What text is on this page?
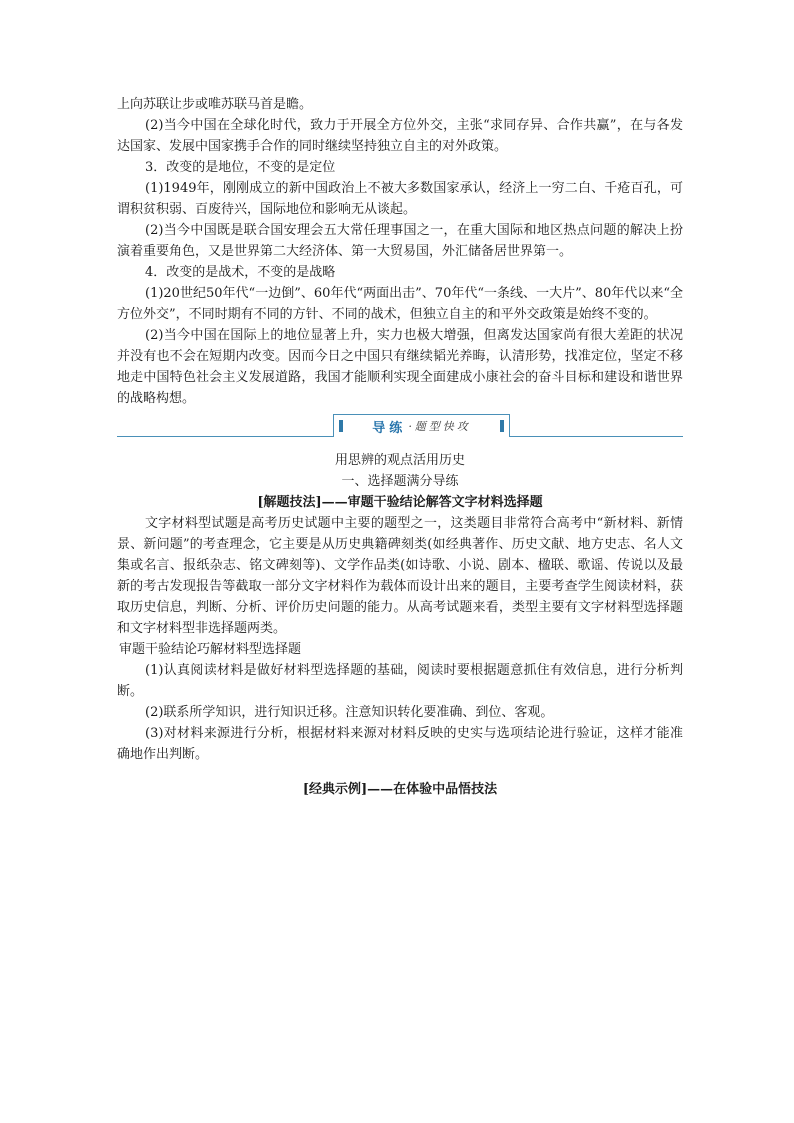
上向苏联让步或唯苏联马首是瞻。

(2)当今中国在全球化时代，致力于开展全方位外交，主张“求同存异、合作共赢”，在与各发达国家、发展中国家携手合作的同时继续坚持独立自主的对外政策。

3．改变的是地位，不变的是定位

(1)1949年，刚刚成立的新中国政治上不被大多数国家承认，经济上一穷二白、千疮百孔，可谓积贫积弱、百废待兴，国际地位和影响无从谈起。

(2)当今中国既是联合国安理会五大常任理事国之一，在重大国际和地区热点问题的解决上扮演着重要角色，又是世界第二大经济体、第一大贸易国，外汇储备居世界第一。

4．改变的是战术，不变的是战略

(1)20世纪50年代“一边倒”、60年代“两面出击”、70年代“一条线、一大片”、80年代以来“全方位外交”，不同时期有不同的方针、不同的战术，但独立自主的和平外交政策是始终不变的。

(2)当今中国在国际上的地位显著上升，实力也极大增强，但离发达国家尚有很大差距的状况并没有也不会在短期内改变。因而今日之中国只有继续韬光养晦，认清形势，找准定位，坚定不移地走中国特色社会主义发展道路，我国才能顺利实现全面建成小康社会的奋斗目标和建设和谐世界的战略构想。

导练 ·题型快攻

用思辨的观点活用历史

一、选择题满分导练

[解题技法]——审题干验结论解答文字材料选择题

文字材料型试题是高考历史试题中主要的题型之一，这类题目非常符合高考中“新材料、新情景、新问题”的考查理念，它主要是从历史典籍碑刻类(如经典著作、历史文献、地方史志、名人文集或名言、报纸杂志、铭文碑刻等)、文学作品类(如诗歌、小说、剧本、楹联、歌谣、传说以及最新的考古发现报告等截取一部分文字材料作为载体而设计出来的题目，主要考查学生阅读材料，获取历史信息，判断、分析、评价历史问题的能力。从高考试题来看，类型主要有文字材料型选择题和文字材料型非选择题两类。

审题干验结论巧解材料型选择题

(1)认真阅读材料是做好材料型选择题的基础，阅读时要根据题意抓住有效信息，进行分析判断。

(2)联系所学知识，进行知识迁移。注意知识转化要准确、到位、客观。

(3)对材料来源进行分析，根据材料来源对材料反映的史实与选项结论进行验证，这样才能准确地作出判断。

[经典示例]——在体验中品悟技法
